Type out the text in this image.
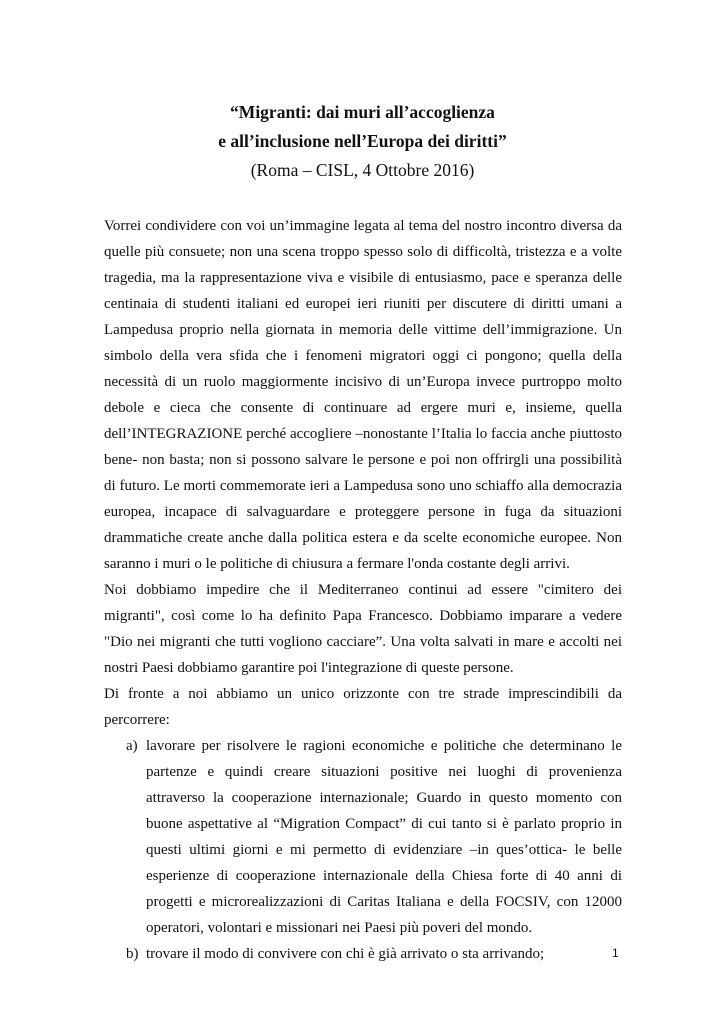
“Migranti: dai muri all’accoglienza

e all’inclusione nell’Europa dei diritti”

(Roma – CISL, 4 Ottobre 2016)

Vorrei condividere con voi un’immagine legata al tema del nostro incontro diversa da quelle più consuete; non una scena troppo spesso solo di difficoltà, tristezza e a volte tragedia, ma la rappresentazione viva e visibile di entusiasmo, pace e speranza delle centinaia di studenti italiani ed europei ieri riuniti per discutere di diritti umani a Lampedusa proprio nella giornata in memoria delle vittime dell’immigrazione. Un simbolo della vera sfida che i fenomeni migratori oggi ci pongono; quella della necessità di un ruolo maggiormente incisivo di un’Europa invece purtroppo molto debole e cieca che consente di continuare ad ergere muri e, insieme, quella dell’INTEGRAZIONE perché accogliere –nonostante l’Italia lo faccia anche piuttosto bene- non basta; non si possono salvare le persone e poi non offrirgli una possibilità di futuro. Le morti commemorate ieri a Lampedusa sono uno schiaffo alla democrazia europea, incapace di salvaguardare e proteggere persone in fuga da situazioni drammatiche create anche dalla politica estera e da scelte economiche europee. Non saranno i muri o le politiche di chiusura a fermare l'onda costante degli arrivi.

Noi dobbiamo impedire che il Mediterraneo continui ad essere "cimitero dei migranti", così come lo ha definito Papa Francesco. Dobbiamo imparare a vedere "Dio nei migranti che tutti vogliono cacciare”. Una volta salvati in mare e accolti nei nostri Paesi dobbiamo garantire poi l'integrazione di queste persone.

Di fronte a noi abbiamo un unico orizzonte con tre strade imprescindibili da percorrere:

a) lavorare per risolvere le ragioni economiche e politiche che determinano le partenze e quindi creare situazioni positive nei luoghi di provenienza attraverso la cooperazione internazionale; Guardo in questo momento con buone aspettative al “Migration Compact” di cui tanto si è parlato proprio in questi ultimi giorni e mi permetto di evidenziare –in ques’ottica- le belle esperienze di cooperazione internazionale della Chiesa forte di 40 anni di progetti e microrealizzazioni di Caritas Italiana e della FOCSIV, con 12000 operatori, volontari e missionari nei Paesi più poveri del mondo.
b) trovare il modo di convivere con chi è già arrivato o sta arrivando;	1
